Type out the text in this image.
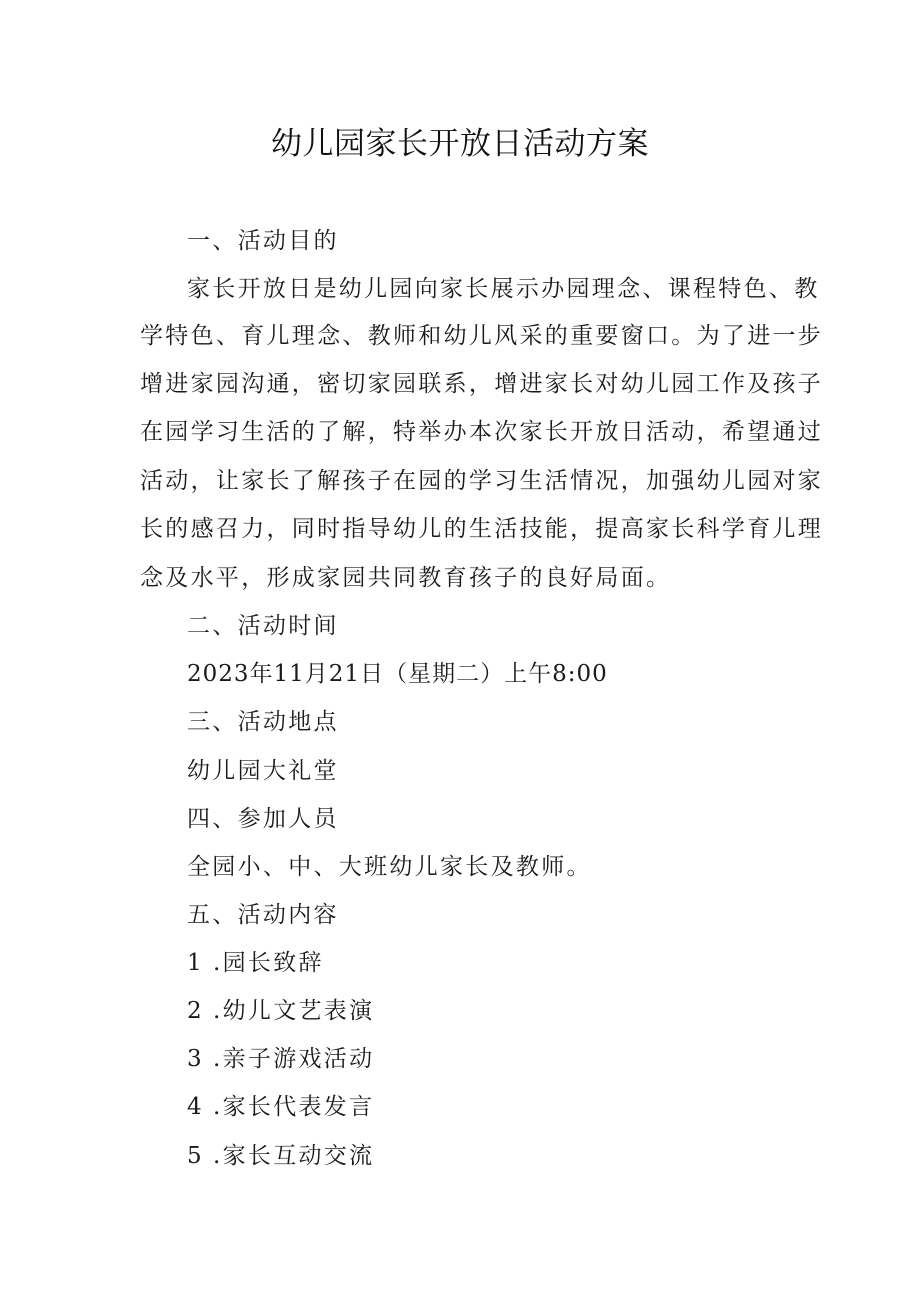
幼儿园家长开放日活动方案

一、活动目的

家长开放日是幼儿园向家长展示办园理念、课程特色、教

学特色、育儿理念、教师和幼儿风采的重要窗口。为了进一步

增进家园沟通，密切家园联系，增进家长对幼儿园工作及孩子

在园学习生活的了解，特举办本次家长开放日活动，希望通过

活动，让家长了解孩子在园的学习生活情况，加强幼儿园对家

长的感召力，同时指导幼儿的生活技能，提高家长科学育儿理

念及水平，形成家园共同教育孩子的良好局面。

二、活动时间

2023年11月21日（星期二）上午8:00

三、活动地点

幼儿园大礼堂

四、参加人员

全园小、中、大班幼儿家长及教师。

五、活动内容

1 .园长致辞

2 .幼儿文艺表演

3 .亲子游戏活动

4 .家长代表发言

5 .家长互动交流
